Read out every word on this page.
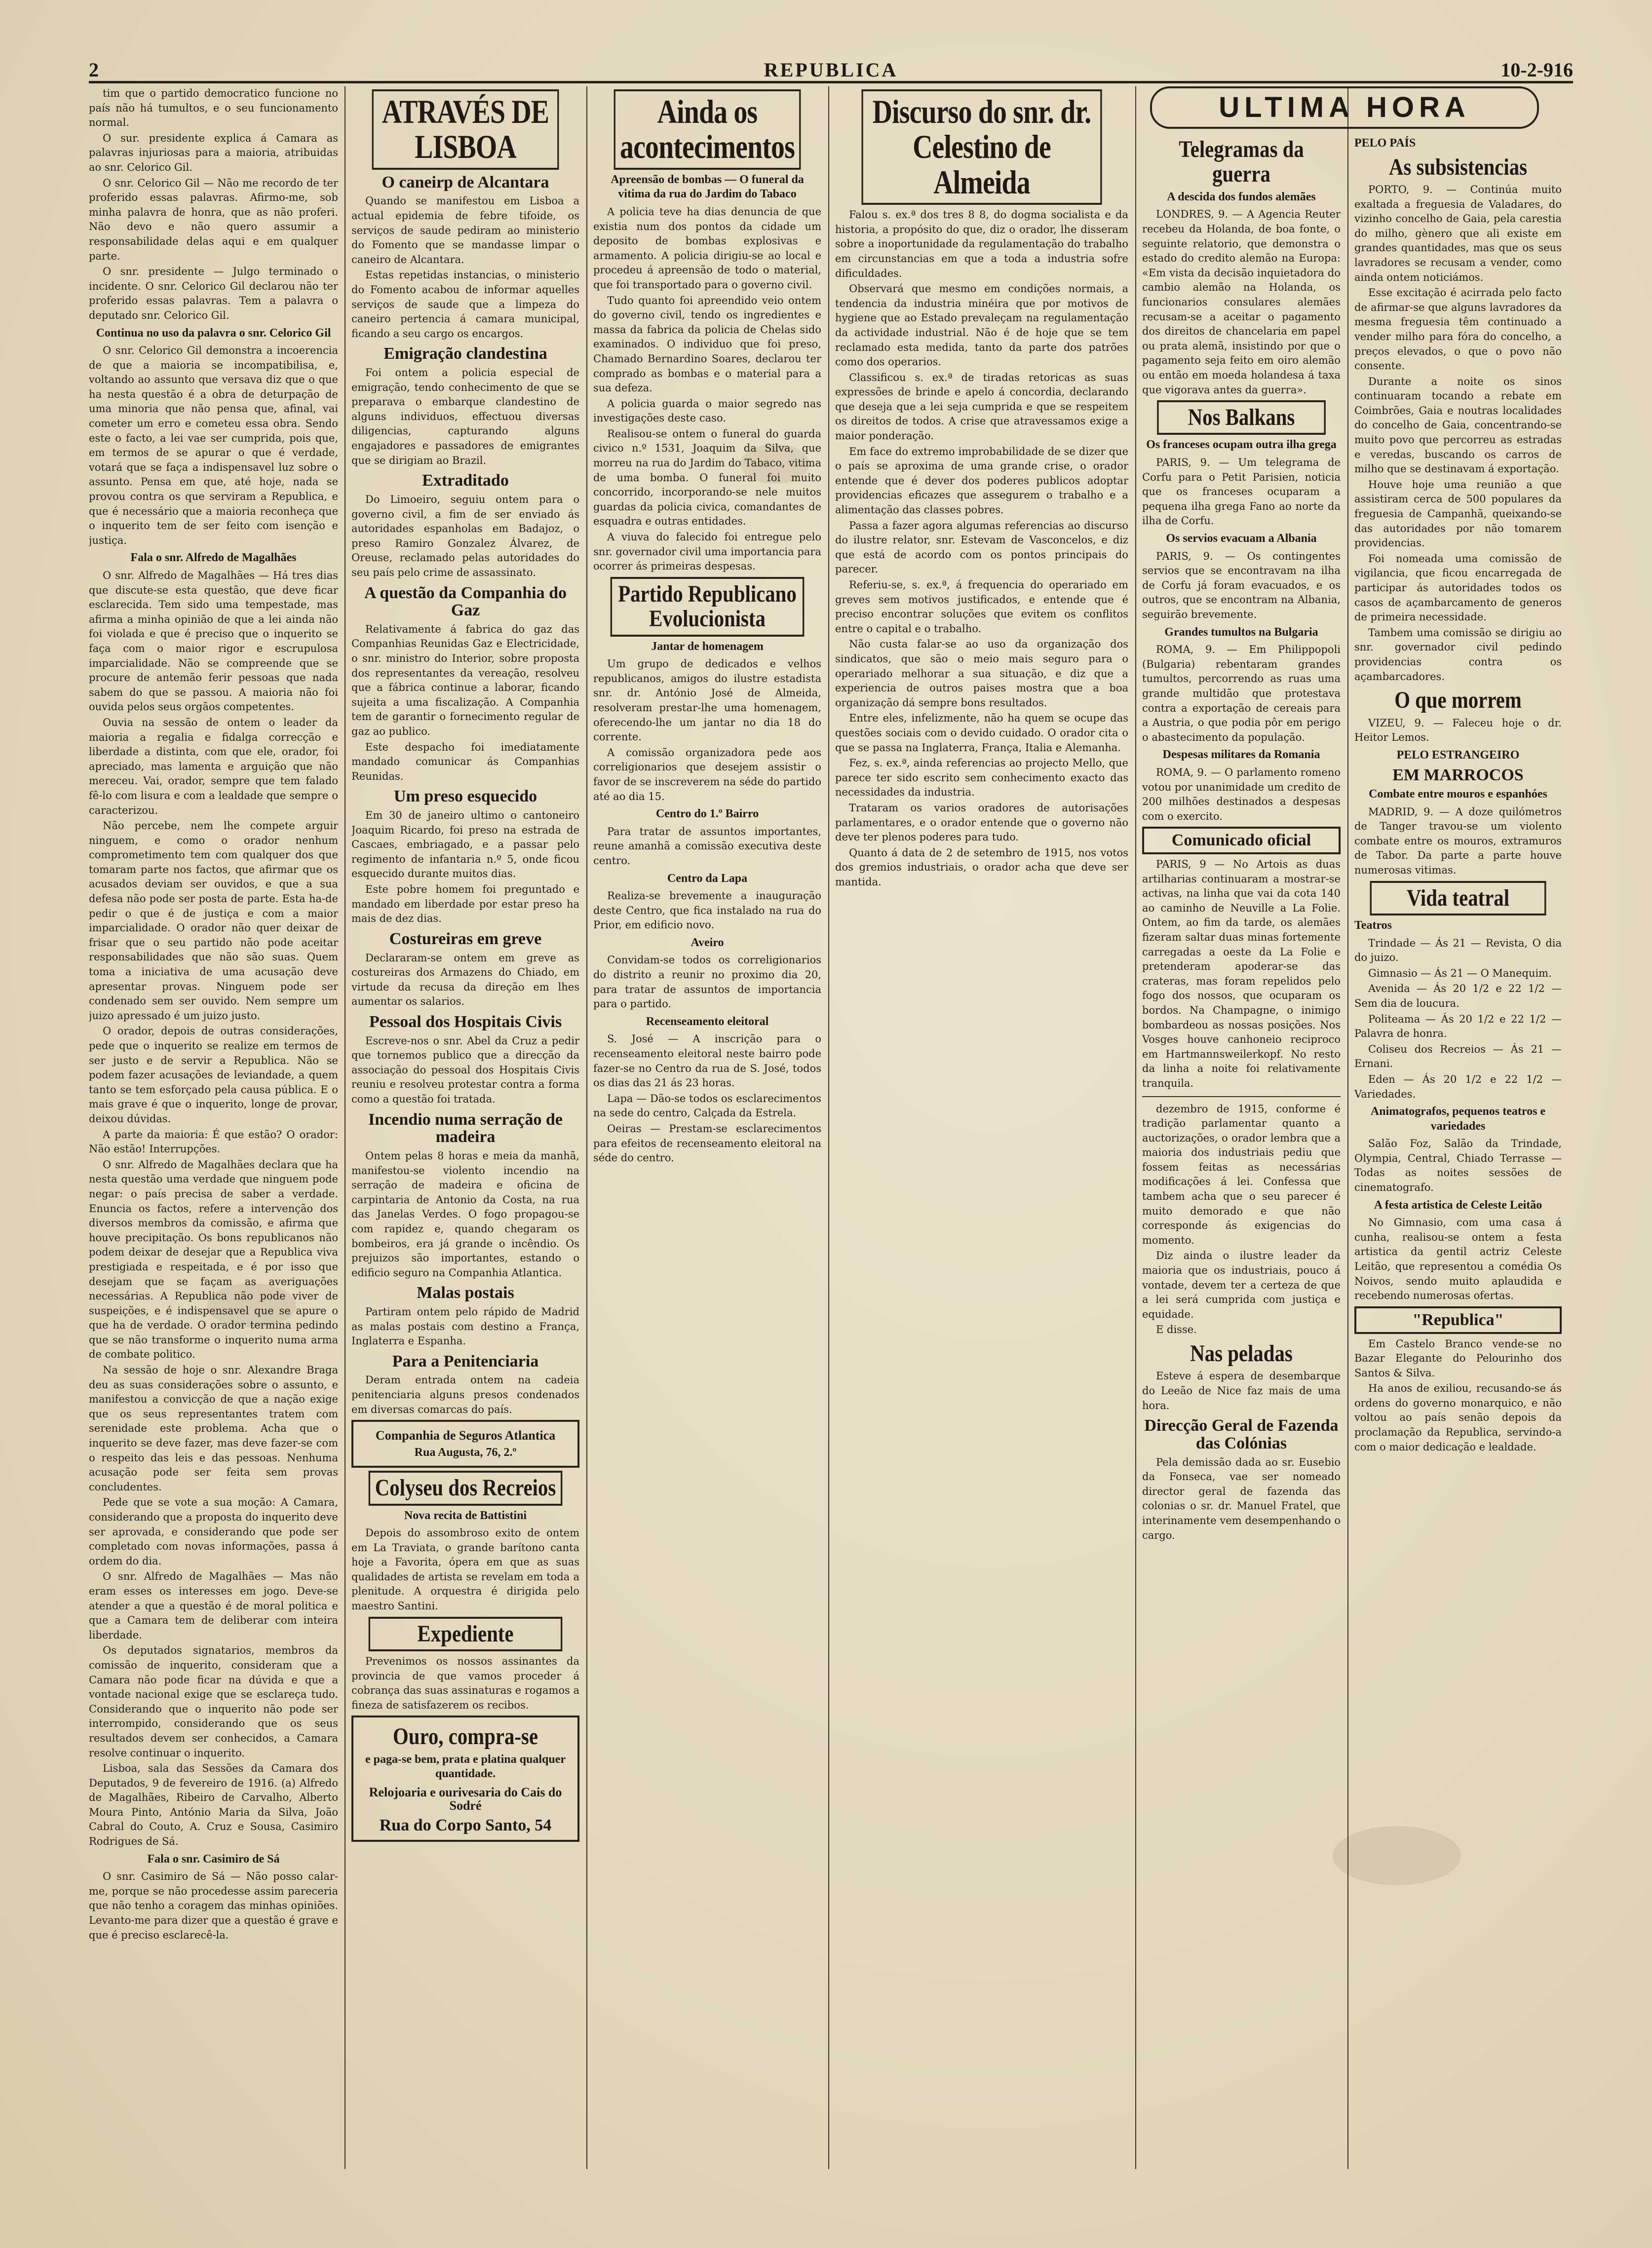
2	REPUBLICA	10-2-916

tim que o partido democratico funcione no país não há tumultos, e o seu funcionamento normal.

O sur. presidente explica á Camara as palavras injuriosas para a maioria, atribuidas ao snr. Celorico Gil.

O snr. Celorico Gil — Não me recordo de ter proferido essas palavras. Afirmo-me, sob minha palavra de honra, que as não proferi. Não devo e não quero assumir a responsabilidade delas aqui e em qualquer parte.

O snr. presidente — Julgo terminado o incidente. O snr. Celorico Gil declarou não ter proferido essas palavras. Tem a palavra o deputado snr. Celorico Gil.

Continua no uso da palavra o snr. Celorico Gil

O snr. Celorico Gil demonstra a incoerencia de que a maioria se incompatibilisa, e, voltando ao assunto que versava diz que o que ha nesta questão é a obra de deturpação de uma minoria que não pensa que, afinal, vai cometer um erro e cometeu essa obra. Sendo este o facto, a lei vae ser cumprida, pois que, em termos de se apurar o que é verdade, votará que se faça a indispensavel luz sobre o assunto. Pensa em que, até hoje, nada se provou contra os que serviram a Republica, e que é necessário que a maioria reconheça que o inquerito tem de ser feito com isenção e justiça.

Fala o snr. Alfredo de Magalhães

O snr. Alfredo de Magalhães — Há tres dias que discute-se esta questão, que deve ficar esclarecida. Tem sido uma tempestade, mas afirma a minha opinião de que a lei ainda não foi violada e que é preciso que o inquerito se faça com o maior rigor e escrupulosa imparcialidade. Não se compreende que se procure de antemão ferir pessoas que nada sabem do que se passou. A maioria não foi ouvida pelos seus orgãos competentes.

Ouvia na sessão de ontem o leader da maioria a regalia e fidalga correcção e liberdade a distinta, com que ele, orador, foi apreciado, mas lamenta e arguição que não mereceu. Vai, orador, sempre que tem falado fê-lo com lisura e com a lealdade que sempre o caracterizou.

Não percebe, nem lhe compete arguir ninguem, e como o orador nenhum comprometimento tem com qualquer dos que tomaram parte nos factos, que afirmar que os acusados deviam ser ouvidos, e que a sua defesa não pode ser posta de parte. Esta ha-de pedir o que é de justiça e com a maior imparcialidade. O orador não quer deixar de frisar que o seu partido não pode aceitar responsabilidades que não são suas. Quem toma a iniciativa de uma acusação deve apresentar provas. Ninguem pode ser condenado sem ser ouvido. Nem sempre um juizo apressado é um juizo justo.

O orador, depois de outras considerações, pede que o inquerito se realize em termos de ser justo e de servir a Republica. Não se podem fazer acusações de leviandade, a quem tanto se tem esforçado pela causa pública. E o mais grave é que o inquerito, longe de provar, deixou dúvidas.

A parte da maioria: É que estão? O orador: Não estão! Interrupções.

O snr. Alfredo de Magalhães declara que ha nesta questão uma verdade que ninguem pode negar: o país precisa de saber a verdade. Enuncia os factos, refere a intervenção dos diversos membros da comissão, e afirma que houve precipitação. Os bons republicanos não podem deixar de desejar que a Republica viva prestigiada e respeitada, e é por isso que desejam que se façam as averiguações necessárias. A Republica não pode viver de suspeições, e é indispensavel que se apure o que ha de verdade. O orador termina pedindo que se não transforme o inquerito numa arma de combate politico.

Na sessão de hoje o snr. Alexandre Braga deu as suas considerações sobre o assunto, e manifestou a convicção de que a nação exige que os seus representantes tratem com serenidade este problema. Acha que o inquerito se deve fazer, mas deve fazer-se com o respeito das leis e das pessoas. Nenhuma acusação pode ser feita sem provas concludentes.

Pede que se vote a sua moção: A Camara, considerando que a proposta do inquerito deve ser aprovada, e considerando que pode ser completado com novas informações, passa á ordem do dia.

O snr. Alfredo de Magalhães — Mas não eram esses os interesses em jogo. Deve-se atender a que a questão é de moral politica e que a Camara tem de deliberar com inteira liberdade.

Os deputados signatarios, membros da comissão de inquerito, consideram que a Camara não pode ficar na dúvida e que a vontade nacional exige que se esclareça tudo. Considerando que o inquerito não pode ser interrompido, considerando que os seus resultados devem ser conhecidos, a Camara resolve continuar o inquerito.

Lisboa, sala das Sessões da Camara dos Deputados, 9 de fevereiro de 1916. (a) Alfredo de Magalhães, Ribeiro de Carvalho, Alberto Moura Pinto, António Maria da Silva, João Cabral do Couto, A. Cruz e Sousa, Casimiro Rodrigues de Sá.

Fala o snr. Casimiro de Sá

O snr. Casimiro de Sá — Não posso calar-me, porque se não procedesse assim pareceria que não tenho a coragem das minhas opiniões. Levanto-me para dizer que a questão é grave e que é preciso esclarecê-la.

ATRAVÉS DE LISBOA
O caneirp de Alcantara

Quando se manifestou em Lisboa a actual epidemia de febre tifoide, os serviços de saude pediram ao ministerio do Fomento que se mandasse limpar o caneiro de Alcantara.

Estas repetidas instancias, o ministerio do Fomento acabou de informar aquelles serviços de saude que a limpeza do caneiro pertencia á camara municipal, ficando a seu cargo os encargos.

Emigração clandestina

Foi ontem a policia especial de emigração, tendo conhecimento de que se preparava o embarque clandestino de alguns individuos, effectuou diversas diligencias, capturando alguns engajadores e passadores de emigrantes que se dirigiam ao Brazil.

Extraditado

Do Limoeiro, seguiu ontem para o governo civil, a fim de ser enviado ás autoridades espanholas em Badajoz, o preso Ramiro Gonzalez Álvarez, de Oreuse, reclamado pelas autoridades do seu país pelo crime de assassinato.

A questão da Companhia do Gaz

Relativamente á fabrica do gaz das Companhias Reunidas Gaz e Electricidade, o snr. ministro do Interior, sobre proposta dos representantes da vereação, resolveu que a fábrica continue a laborar, ficando sujeita a uma fiscalização. A Companhia tem de garantir o fornecimento regular de gaz ao publico.

Este despacho foi imediatamente mandado comunicar ás Companhias Reunidas.

Um preso esquecido

Em 30 de janeiro ultimo o cantoneiro Joaquim Ricardo, foi preso na estrada de Cascaes, embriagado, e a passar pelo regimento de infantaria n.º 5, onde ficou esquecido durante muitos dias.

Este pobre homem foi preguntado e mandado em liberdade por estar preso ha mais de dez dias.

Costureiras em greve

Declararam-se ontem em greve as costureiras dos Armazens do Chiado, em virtude da recusa da direção em lhes aumentar os salarios.

Pessoal dos Hospitais Civis

Escreve-nos o snr. Abel da Cruz a pedir que tornemos publico que a direcção da associação do pessoal dos Hospitais Civis reuniu e resolveu protestar contra a forma como a questão foi tratada.

Incendio numa serração de madeira

Ontem pelas 8 horas e meia da manhã, manifestou-se violento incendio na serração de madeira e oficina de carpintaria de Antonio da Costa, na rua das Janelas Verdes. O fogo propagou-se com rapidez e, quando chegaram os bombeiros, era já grande o incêndio. Os prejuizos são importantes, estando o edificio seguro na Companhia Atlantica.

Malas postais

Partiram ontem pelo rápido de Madrid as malas postais com destino a França, Inglaterra e Espanha.

Para a Penitenciaria

Deram entrada ontem na cadeia penitenciaria alguns presos condenados em diversas comarcas do país.

Companhia de Seguros Atlantica
Rua Augusta, 76, 2.º
Colyseu dos Recreios
Nova recita de Battistini

Depois do assombroso exito de ontem em La Traviata, o grande barítono canta hoje a Favorita, ópera em que as suas qualidades de artista se revelam em toda a plenitude. A orquestra é dirigida pelo maestro Santini.

Expediente

Prevenimos os nossos assinantes da provincia de que vamos proceder á cobrança das suas assinaturas e rogamos a fineza de satisfazerem os recibos.

Ouro, compra-se
e paga-se bem, prata e platina qualquer quantidade.
Relojoaria e ourivesaria do Cais do Sodré
Rua do Corpo Santo, 54
Ainda os acontecimentos
Apreensão de bombas — O funeral da vitima da rua do Jardim do Tabaco

A policia teve ha dias denuncia de que existia num dos pontos da cidade um deposito de bombas explosivas e armamento. A policia dirigiu-se ao local e procedeu á apreensão de todo o material, que foi transportado para o governo civil.

Tudo quanto foi apreendido veio ontem do governo civil, tendo os ingredientes e massa da fabrica da policia de Chelas sido examinados. O individuo que foi preso, Chamado Bernardino Soares, declarou ter comprado as bombas e o material para a sua defeza.

A policia guarda o maior segredo nas investigações deste caso.

Realisou-se ontem o funeral do guarda civico n.º 1531, Joaquim da Silva, que morreu na rua do Jardim do Tabaco, vitima de uma bomba. O funeral foi muito concorrido, incorporando-se nele muitos guardas da policia civica, comandantes de esquadra e outras entidades.

A viuva do falecido foi entregue pelo snr. governador civil uma importancia para ocorrer ás primeiras despesas.

Partido Republicano Evolucionista
Jantar de homenagem

Um grupo de dedicados e velhos republicanos, amigos do ilustre estadista snr. dr. António José de Almeida, resolveram prestar-lhe uma homenagem, oferecendo-lhe um jantar no dia 18 do corrente.

A comissão organizadora pede aos correligionarios que desejem assistir o favor de se inscreverem na séde do partido até ao dia 15.

Centro do 1.º Bairro

Para tratar de assuntos importantes, reune amanhã a comissão executiva deste centro.

Centro da Lapa

Realiza-se brevemente a inauguração deste Centro, que fica instalado na rua do Prior, em edificio novo.

Aveiro

Convidam-se todos os correligionarios do distrito a reunir no proximo dia 20, para tratar de assuntos de importancia para o partido.

Recenseamento eleitoral

S. José — A inscrição para o recenseamento eleitoral neste bairro pode fazer-se no Centro da rua de S. José, todos os dias das 21 ás 23 horas.

Lapa — Dão-se todos os esclarecimentos na sede do centro, Calçada da Estrela.

Oeiras — Prestam-se esclarecimentos para efeitos de recenseamento eleitoral na séde do centro.

Discurso do snr. dr. Celestino de Almeida

Falou s. ex.ª dos tres 8 8, do dogma socialista e da historia, a propósito do que, diz o orador, lhe disseram sobre a inoportunidade da regulamentação do trabalho em circunstancias em que a toda a industria sofre dificuldades.

Observará que mesmo em condições normais, a tendencia da industria minéira que por motivos de hygiene que ao Estado prevaleçam na regulamentação da actividade industrial. Não é de hoje que se tem reclamado esta medida, tanto da parte dos patrões como dos operarios.

Classificou s. ex.ª de tiradas retoricas as suas expressões de brinde e apelo á concordia, declarando que deseja que a lei seja cumprida e que se respeitem os direitos de todos. A crise que atravessamos exige a maior ponderação.

Em face do extremo improbabilidade de se dizer que o país se aproxima de uma grande crise, o orador entende que é dever dos poderes publicos adoptar providencias eficazes que assegurem o trabalho e a alimentação das classes pobres.

Passa a fazer agora algumas referencias ao discurso do ilustre relator, snr. Estevam de Vasconcelos, e diz que está de acordo com os pontos principais do parecer.

Referiu-se, s. ex.ª, á frequencia do operariado em greves sem motivos justificados, e entende que é preciso encontrar soluções que evitem os conflitos entre o capital e o trabalho.

Não custa falar-se ao uso da organização dos sindicatos, que são o meio mais seguro para o operariado melhorar a sua situação, e diz que a experiencia de outros paises mostra que a boa organização dá sempre bons resultados.

Entre eles, infelizmente, não ha quem se ocupe das questões sociais com o devido cuidado. O orador cita o que se passa na Inglaterra, França, Italia e Alemanha.

Fez, s. ex.ª, ainda referencias ao projecto Mello, que parece ter sido escrito sem conhecimento exacto das necessidades da industria.

Trataram os varios oradores de autorisações parlamentares, e o orador entende que o governo não deve ter plenos poderes para tudo.

Quanto á data de 2 de setembro de 1915, nos votos dos gremios industriais, o orador acha que deve ser mantida.

ULTIMA HORA
Telegramas da guerra
A descida dos fundos alemães

LONDRES, 9. — A Agencia Reuter recebeu da Holanda, de boa fonte, o seguinte relatorio, que demonstra o estado do credito alemão na Europa: «Em vista da decisão inquietadora do cambio alemão na Holanda, os funcionarios consulares alemães recusam-se a aceitar o pagamento dos direitos de chancelaria em papel ou prata alemã, insistindo por que o pagamento seja feito em oiro alemão ou então em moeda holandesa á taxa que vigorava antes da guerra».

Nos Balkans
Os franceses ocupam outra ilha grega

PARIS, 9. — Um telegrama de Corfu para o Petit Parisien, noticia que os franceses ocuparam a pequena ilha grega Fano ao norte da ilha de Corfu.

Os servios evacuam a Albania

PARIS, 9. — Os contingentes servios que se encontravam na ilha de Corfu já foram evacuados, e os outros, que se encontram na Albania, seguirão brevemente.

Grandes tumultos na Bulgaria

ROMA, 9. — Em Philippopoli (Bulgaria) rebentaram grandes tumultos, percorrendo as ruas uma grande multidão que protestava contra a exportação de cereais para a Austria, o que podia pôr em perigo o abastecimento da população.

Despesas militares da Romania

ROMA, 9. — O parlamento romeno votou por unanimidade um credito de 200 milhões destinados a despesas com o exercito.

Comunicado oficial

PARIS, 9 — No Artois as duas artilharias continuaram a mostrar-se activas, na linha que vai da cota 140 ao caminho de Neuville a La Folie. Ontem, ao fim da tarde, os alemães fizeram saltar duas minas fortemente carregadas a oeste da La Folie e pretenderam apoderar-se das crateras, mas foram repelidos pelo fogo dos nossos, que ocuparam os bordos. Na Champagne, o inimigo bombardeou as nossas posições. Nos Vosges houve canhoneio reciproco em Hartmannsweilerkopf. No resto da linha a noite foi relativamente tranquila.

dezembro de 1915, conforme é tradição parlamentar quanto a auctorizações, o orador lembra que a maioria dos industriais pediu que fossem feitas as necessárias modificações á lei. Confessa que tambem acha que o seu parecer é muito demorado e que não corresponde ás exigencias do momento.

Diz ainda o ilustre leader da maioria que os industriais, pouco á vontade, devem ter a certeza de que a lei será cumprida com justiça e equidade.

E disse.

Nas peladas

Esteve á espera de desembarque do Leeão de Nice faz mais de uma hora.

Direcção Geral de Fazenda das Colónias

Pela demissão dada ao sr. Eusebio da Fonseca, vae ser nomeado director geral de fazenda das colonias o sr. dr. Manuel Fratel, que interinamente vem desempenhando o cargo.

PELO PAÍS
As subsistencias

PORTO, 9. — Continúa muito exaltada a freguesia de Valadares, do vizinho concelho de Gaia, pela carestia do milho, gènero que ali existe em grandes quantidades, mas que os seus lavradores se recusam a vender, como ainda ontem noticiámos.

Esse excitação é acirrada pelo facto de afirmar-se que alguns lavradores da mesma freguesia têm continuado a vender milho para fóra do concelho, a preços elevados, o que o povo não consente.

Durante a noite os sinos continuaram tocando a rebate em Coimbrões, Gaia e noutras localidades do concelho de Gaia, concentrando-se muito povo que percorreu as estradas e veredas, buscando os carros de milho que se destinavam á exportação.

Houve hoje uma reunião a que assistiram cerca de 500 populares da freguesia de Campanhã, queixando-se das autoridades por não tomarem providencias.

Foi nomeada uma comissão de vigilancia, que ficou encarregada de participar ás autoridades todos os casos de açambarcamento de generos de primeira necessidade.

Tambem uma comissão se dirigiu ao snr. governador civil pedindo providencias contra os açambarcadores.

O que morrem

VIZEU, 9. — Faleceu hoje o dr. Heitor Lemos.

PELO ESTRANGEIRO
EM MARROCOS
Combate entre mouros e espanhóes

MADRID, 9. — A doze quilómetros de Tanger travou-se um violento combate entre os mouros, extramuros de Tabor. Da parte a parte houve numerosas vitimas.

Vida teatral
Teatros

Trindade — Ás 21 — Revista, O dia do juizo.

Gimnasio — Ás 21 — O Manequim.

Avenida — Ás 20 1/2 e 22 1/2 — Sem dia de loucura.

Politeama — Ás 20 1/2 e 22 1/2 — Palavra de honra.

Coliseu dos Recreios — Ás 21 — Ernani.

Eden — Ás 20 1/2 e 22 1/2 — Variedades.

Animatografos, pequenos teatros e variedades

Salão Foz, Salão da Trindade, Olympia, Central, Chiado Terrasse — Todas as noites sessões de cinematografo.

A festa artistica de Celeste Leitão

No Gimnasio, com uma casa á cunha, realisou-se ontem a festa artistica da gentil actriz Celeste Leitão, que representou a comédia Os Noivos, sendo muito aplaudida e recebendo numerosas ofertas.

"Republica"

Em Castelo Branco vende-se no Bazar Elegante do Pelourinho dos Santos & Silva.

Ha anos de exiliou, recusando-se ás ordens do governo monarquico, e não voltou ao país senão depois da proclamação da Republica, servindo-a com o maior dedicação e lealdade.
